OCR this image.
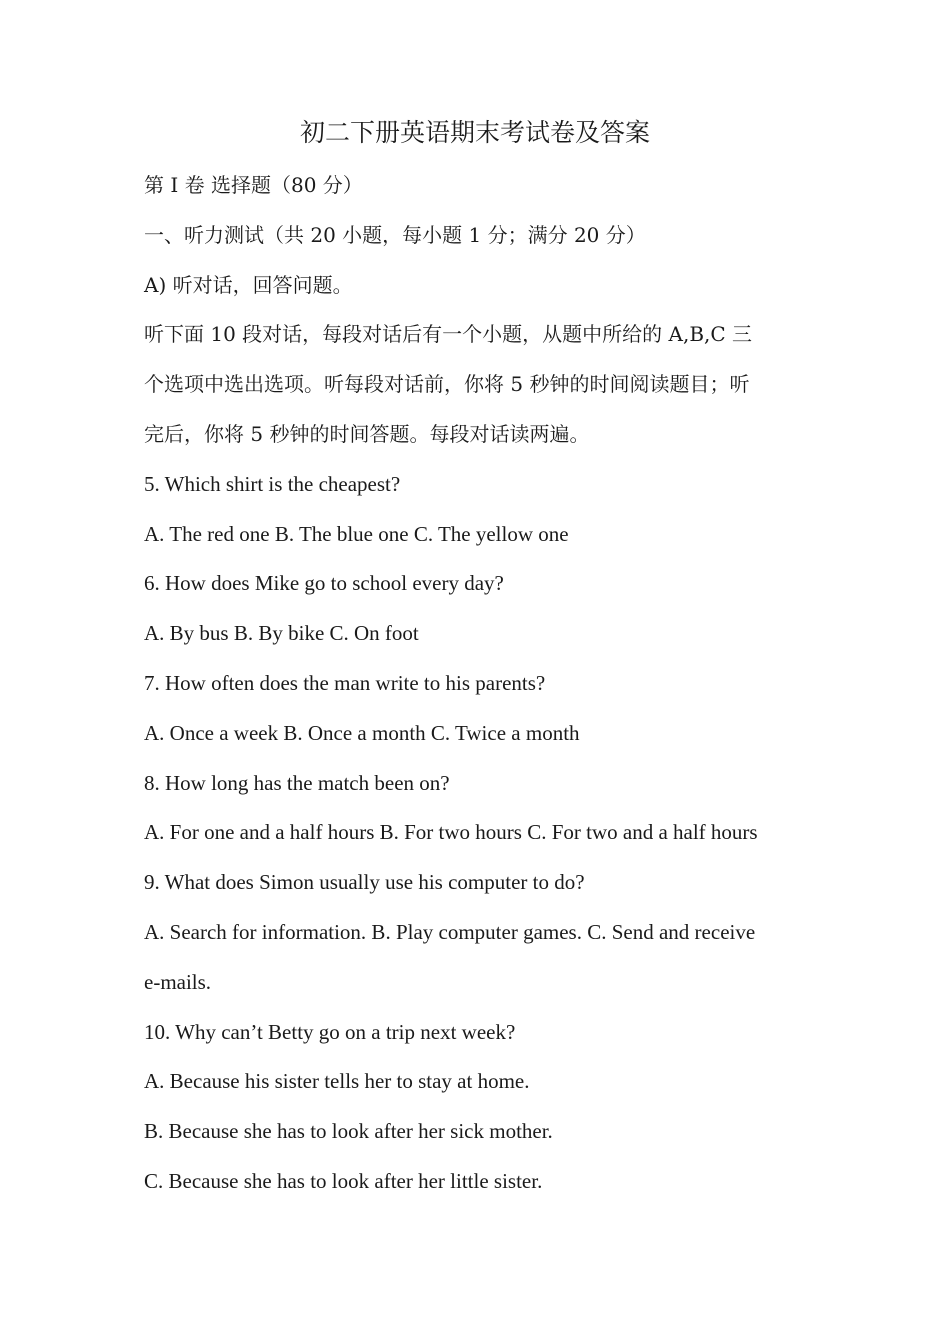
初二下册英语期末考试卷及答案
第 I 卷 选择题（80 分）
一、听力测试（共 20 小题，每小题 1 分；满分 20 分）
A) 听对话，回答问题。
听下面 10 段对话，每段对话后有一个小题，从题中所给的 A,B,C 三
个选项中选出选项。听每段对话前，你将 5 秒钟的时间阅读题目；听
完后，你将 5 秒钟的时间答题。每段对话读两遍。
5. Which shirt is the cheapest?
A. The red one B. The blue one C. The yellow one
6. How does Mike go to school every day?
A. By bus B. By bike C. On foot
7. How often does the man write to his parents?
A. Once a week B. Once a month C. Twice a month
8. How long has the match been on?
A. For one and a half hours B. For two hours C. For two and a half hours
9. What does Simon usually use his computer to do?
A. Search for information. B. Play computer games. C. Send and receive
e-mails.
10. Why can’t Betty go on a trip next week?
A. Because his sister tells her to stay at home.
B. Because she has to look after her sick mother.
C. Because she has to look after her little sister.
